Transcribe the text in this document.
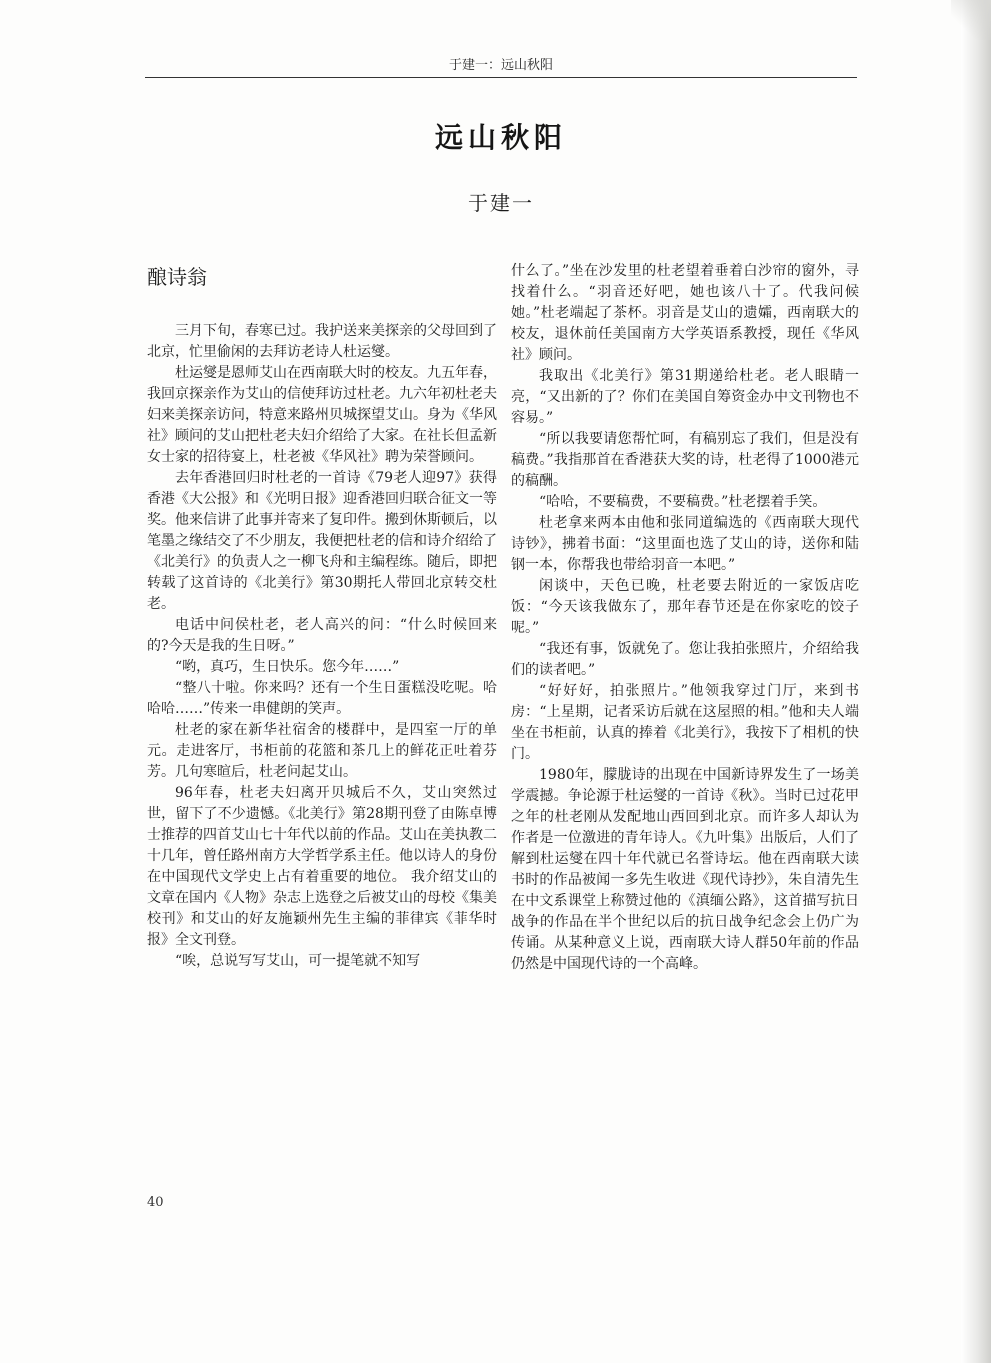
于建一：远山秋阳
远山秋阳
于建一
酿诗翁

三月下旬，春寒已过。我护送来美探亲的父母回到了北京，忙里偷闲的去拜访老诗人杜运燮。

杜运燮是恩师艾山在西南联大时的校友。九五年春，我回京探亲作为艾山的信使拜访过杜老。九六年初杜老夫妇来美探亲访问，特意来路州贝城探望艾山。身为《华风社》顾问的艾山把杜老夫妇介绍给了大家。在社长但孟新女士家的招待宴上，杜老被《华风社》聘为荣誉顾问。

去年香港回归时杜老的一首诗《79老人迎97》获得香港《大公报》和《光明日报》迎香港回归联合征文一等奖。他来信讲了此事并寄来了复印件。搬到休斯顿后，以笔墨之缘结交了不少朋友，我便把杜老的信和诗介绍给了《北美行》的负责人之一柳飞舟和主编程练。随后，即把转载了这首诗的《北美行》第30期托人带回北京转交杜老。

电话中问侯杜老，老人高兴的问：“什么时候回来的?今天是我的生日呀。”

“哟，真巧，生日快乐。您今年……”

“整八十啦。你来吗？还有一个生日蛋糕没吃呢。哈哈哈……”传来一串健朗的笑声。

杜老的家在新华社宿舍的楼群中，是四室一厅的单元。走进客厅，书柜前的花篮和茶几上的鲜花正吐着芬芳。几句寒暄后，杜老问起艾山。

96年春，杜老夫妇离开贝城后不久，艾山突然过世，留下了不少遗憾。《北美行》第28期刊登了由陈卓博士推荐的四首艾山七十年代以前的作品。艾山在美执教二十几年，曾任路州南方大学哲学系主任。他以诗人的身份在中国现代文学史上占有着重要的地位。 我介绍艾山的文章在国内《人物》杂志上选登之后被艾山的母校《集美校刊》和艾山的好友施颖州先生主编的菲律宾《菲华时报》全文刊登。

“唉，总说写写艾山，可一提笔就不知写

什么了。”坐在沙发里的杜老望着垂着白沙帘的窗外，寻找着什么。“羽音还好吧，她也该八十了。代我问候她。”杜老端起了茶杯。羽音是艾山的遗孀，西南联大的校友，退休前任美国南方大学英语系教授，现任《华风社》顾问。

我取出《北美行》第31期递给杜老。老人眼睛一亮，“又出新的了？你们在美国自筹资金办中文刊物也不容易。”

“所以我要请您帮忙呵，有稿别忘了我们，但是没有稿费。”我指那首在香港获大奖的诗，杜老得了1000港元的稿酬。

“哈哈，不要稿费，不要稿费。”杜老摆着手笑。

杜老拿来两本由他和张同道编选的《西南联大现代诗钞》，拂着书面：“这里面也选了艾山的诗，送你和陆钢一本，你帮我也带给羽音一本吧。”

闲谈中，天色已晚，杜老要去附近的一家饭店吃饭：“今天该我做东了，那年春节还是在你家吃的饺子呢。”

“我还有事，饭就免了。您让我拍张照片，介绍给我们的读者吧。”

“好好好，拍张照片。”他领我穿过门厅，来到书房：“上星期，记者采访后就在这屋照的相。”他和夫人端坐在书柜前，认真的捧着《北美行》，我按下了相机的快门。

1980年，朦胧诗的出现在中国新诗界发生了一场美学震撼。争论源于杜运燮的一首诗《秋》。当时已过花甲之年的杜老刚从发配地山西回到北京。而许多人却认为作者是一位激进的青年诗人。《九叶集》出版后，人们了解到杜运燮在四十年代就已名誉诗坛。他在西南联大读书时的作品被闻一多先生收进《现代诗抄》，朱自清先生在中文系课堂上称赞过他的《滇缅公路》，这首描写抗日战争的作品在半个世纪以后的抗日战争纪念会上仍广为传诵。从某种意义上说，西南联大诗人群50年前的作品仍然是中国现代诗的一个高峰。

40
